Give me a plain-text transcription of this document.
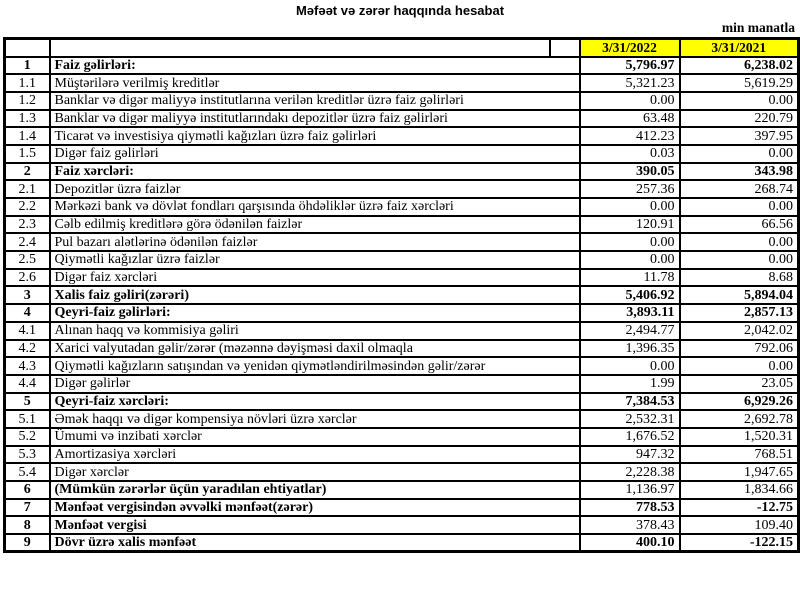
Məfəət və zərər haqqında hesabat
min manatla
			3/31/2022	3/31/2021
1	Faiz gəlirləri:		5,796.97	6,238.02
1.1	Müştərilərə verilmiş kreditlər		5,321.23	5,619.29
1.2	Banklar və digər maliyyə institutlarına verilən kreditlər üzrə faiz gəlirləri		0.00	0.00
1.3	Banklar və digər maliyyə institutlarındakı depozitlər üzrə faiz gəlirləri		63.48	220.79
1.4	Ticarət və investisiya qiymətli kağızları üzrə faiz gəlirləri		412.23	397.95
1.5	Digər faiz gəlirləri		0.03	0.00
2	Faiz xərcləri:		390.05	343.98
2.1	Depozitlər üzrə faizlər		257.36	268.74
2.2	Mərkəzi bank və dövlət fondları qarşısında öhdəliklər üzrə faiz xərcləri		0.00	0.00
2.3	Cəlb edilmiş kreditlərə görə ödənilən faizlər		120.91	66.56
2.4	Pul bazarı alətlərinə ödənilən faizlər		0.00	0.00
2.5	Qiymətli kağızlar üzrə faizlər		0.00	0.00
2.6	Digər faiz xərcləri		11.78	8.68
3	Xalis faiz gəliri(zərəri)		5,406.92	5,894.04
4	Qeyri-faiz gəlirləri:		3,893.11	2,857.13
4.1	Alınan haqq və kommisiya gəliri		2,494.77	2,042.02
4.2	Xarici valyutadan gəlir/zərər (məzənnə dəyişməsi daxil olmaqla		1,396.35	792.06
4.3	Qiymətli kağızların satışından və yenidən qiymətləndirilməsindən gəlir/zərər		0.00	0.00
4.4	Digər gəlirlər		1.99	23.05
5	Qeyri-faiz xərcləri:		7,384.53	6,929.26
5.1	Əmək haqqı və digər kompensiya növləri üzrə xərclər		2,532.31	2,692.78
5.2	Ümumi və inzibati xərclər		1,676.52	1,520.31
5.3	Amortizasiya xərcləri		947.32	768.51
5.4	Digər xərclər		2,228.38	1,947.65
6	(Mümkün zərərlər üçün yaradılan ehtiyatlar)		1,136.97	1,834.66
7	Mənfəət vergisindən əvvəlki mənfəət(zərər)		778.53	-12.75
8	Mənfəət vergisi		378.43	109.40
9	Dövr üzrə xalis mənfəət		400.10	-122.15
